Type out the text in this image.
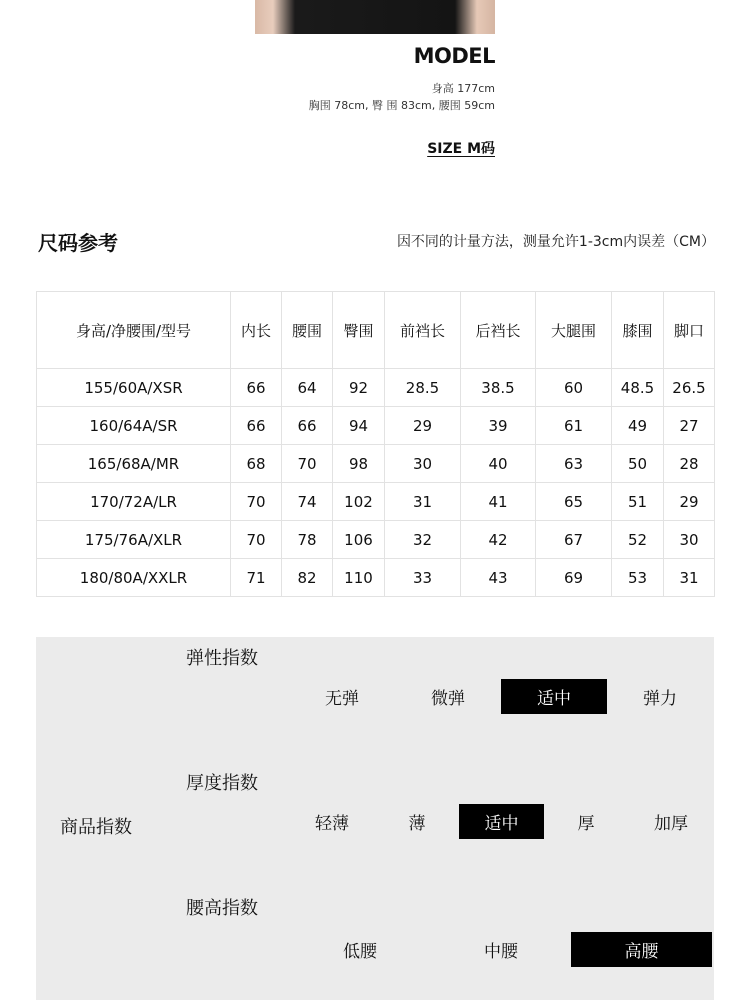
MODEL
身高 177cm
胸围 78cm, 臀 围 83cm, 腰围 59cm
SIZE M码
尺码参考	因不同的计量方法，测量允许1-3cm内误差（CM）
身高/净腰围/型号	内长	腰围	臀围	前裆长	后裆长	大腿围	膝围	脚口
155/60A/XSR	66	64	92	28.5	38.5	60	48.5	26.5
160/64A/SR	66	66	94	29	39	61	49	27
165/68A/MR	68	70	98	30	40	63	50	28
170/72A/LR	70	74	102	31	41	65	51	29
175/76A/XLR	70	78	106	32	42	67	52	30
180/80A/XXLR	71	82	110	33	43	69	53	31
商品指数
弹性指数
无弹	微弹	适中	弹力
厚度指数
轻薄	薄	适中	厚	加厚
腰高指数
低腰	中腰	高腰
